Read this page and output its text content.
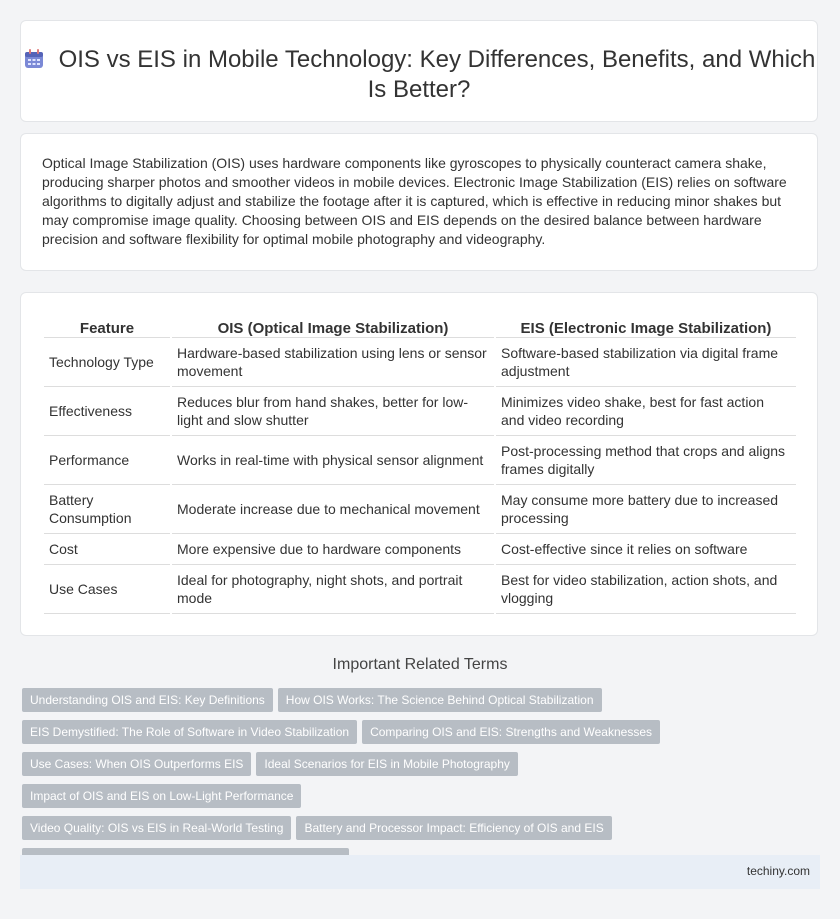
OIS vs EIS in Mobile Technology: Key Differences, Benefits, and Which Is Better?

Optical Image Stabilization (OIS) uses hardware components like gyroscopes to physically counteract camera shake, producing sharper photos and smoother videos in mobile devices. Electronic Image Stabilization (EIS) relies on software algorithms to digitally adjust and stabilize the footage after it is captured, which is effective in reducing minor shakes but may compromise image quality. Choosing between OIS and EIS depends on the desired balance between hardware precision and software flexibility for optimal mobile photography and videography.

Feature	OIS (Optical Image Stabilization)	EIS (Electronic Image Stabilization)
Technology Type	Hardware-based stabilization using lens or sensor movement	Software-based stabilization via digital frame adjustment
Effectiveness	Reduces blur from hand shakes, better for low-light and slow shutter	Minimizes video shake, best for fast action and video recording
Performance	Works in real-time with physical sensor alignment	Post-processing method that crops and aligns frames digitally
Battery Consumption	Moderate increase due to mechanical movement	May consume more battery due to increased processing
Cost	More expensive due to hardware components	Cost-effective since it relies on software
Use Cases	Ideal for photography, night shots, and portrait mode	Best for video stabilization, action shots, and vlogging
Important Related Terms
Understanding OIS and EIS: Key Definitions How OIS Works: The Science Behind Optical Stabilization
EIS Demystified: The Role of Software in Video Stabilization Comparing OIS and EIS: Strengths and Weaknesses
Use Cases: When OIS Outperforms EIS Ideal Scenarios for EIS in Mobile PhotographyImpact of OIS and EIS on Low-Light Performance
Video Quality: OIS vs EIS in Real-World Testing Battery and Processor Impact: Efficiency of OIS and EIS

techiny.com
